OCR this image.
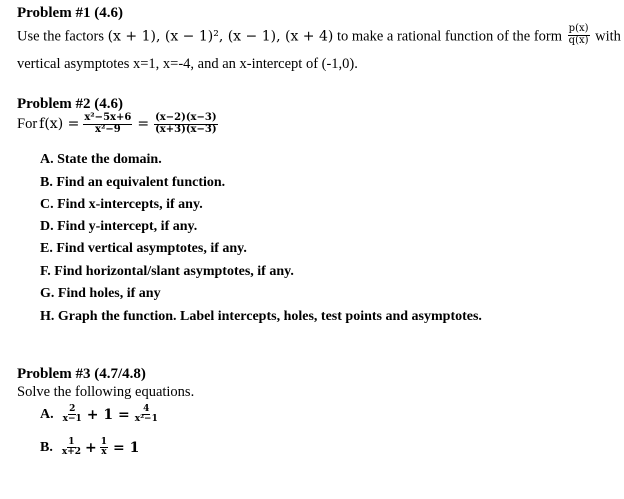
Problem #1 (4.6)
Use the factors (x + 1), (x − 1)², (x − 1), (x + 4) to make a rational function of the form $\frac{p(x)}{q(x)}$ with
vertical asymptotes x=1, x=-4, and an x-intercept of (-1,0).
Problem #2 (4.6)
For $f(x) = \frac{\text{x²−5x+6}}{\text{x²−9}} = \frac{(x-2)(x-3)}{(x+3)(x-3)}$
A. State the domain.
B. Find an equivalent function.
C. Find x-intercepts, if any.
D. Find y-intercept, if any.
E. Find vertical asymptotes, if any.
F. Find horizontal/slant asymptotes, if any.
G. Find holes, if any
H. Graph the function. Label intercepts, holes, test points and asymptotes.
Problem #3 (4.7/4.8)
Solve the following equations.
A. $\frac{2}{x-1} + 1 = \frac{4}{\text{x²−1}}$
B. $\frac{1}{x+2} + \frac{1}{x} = 1$
